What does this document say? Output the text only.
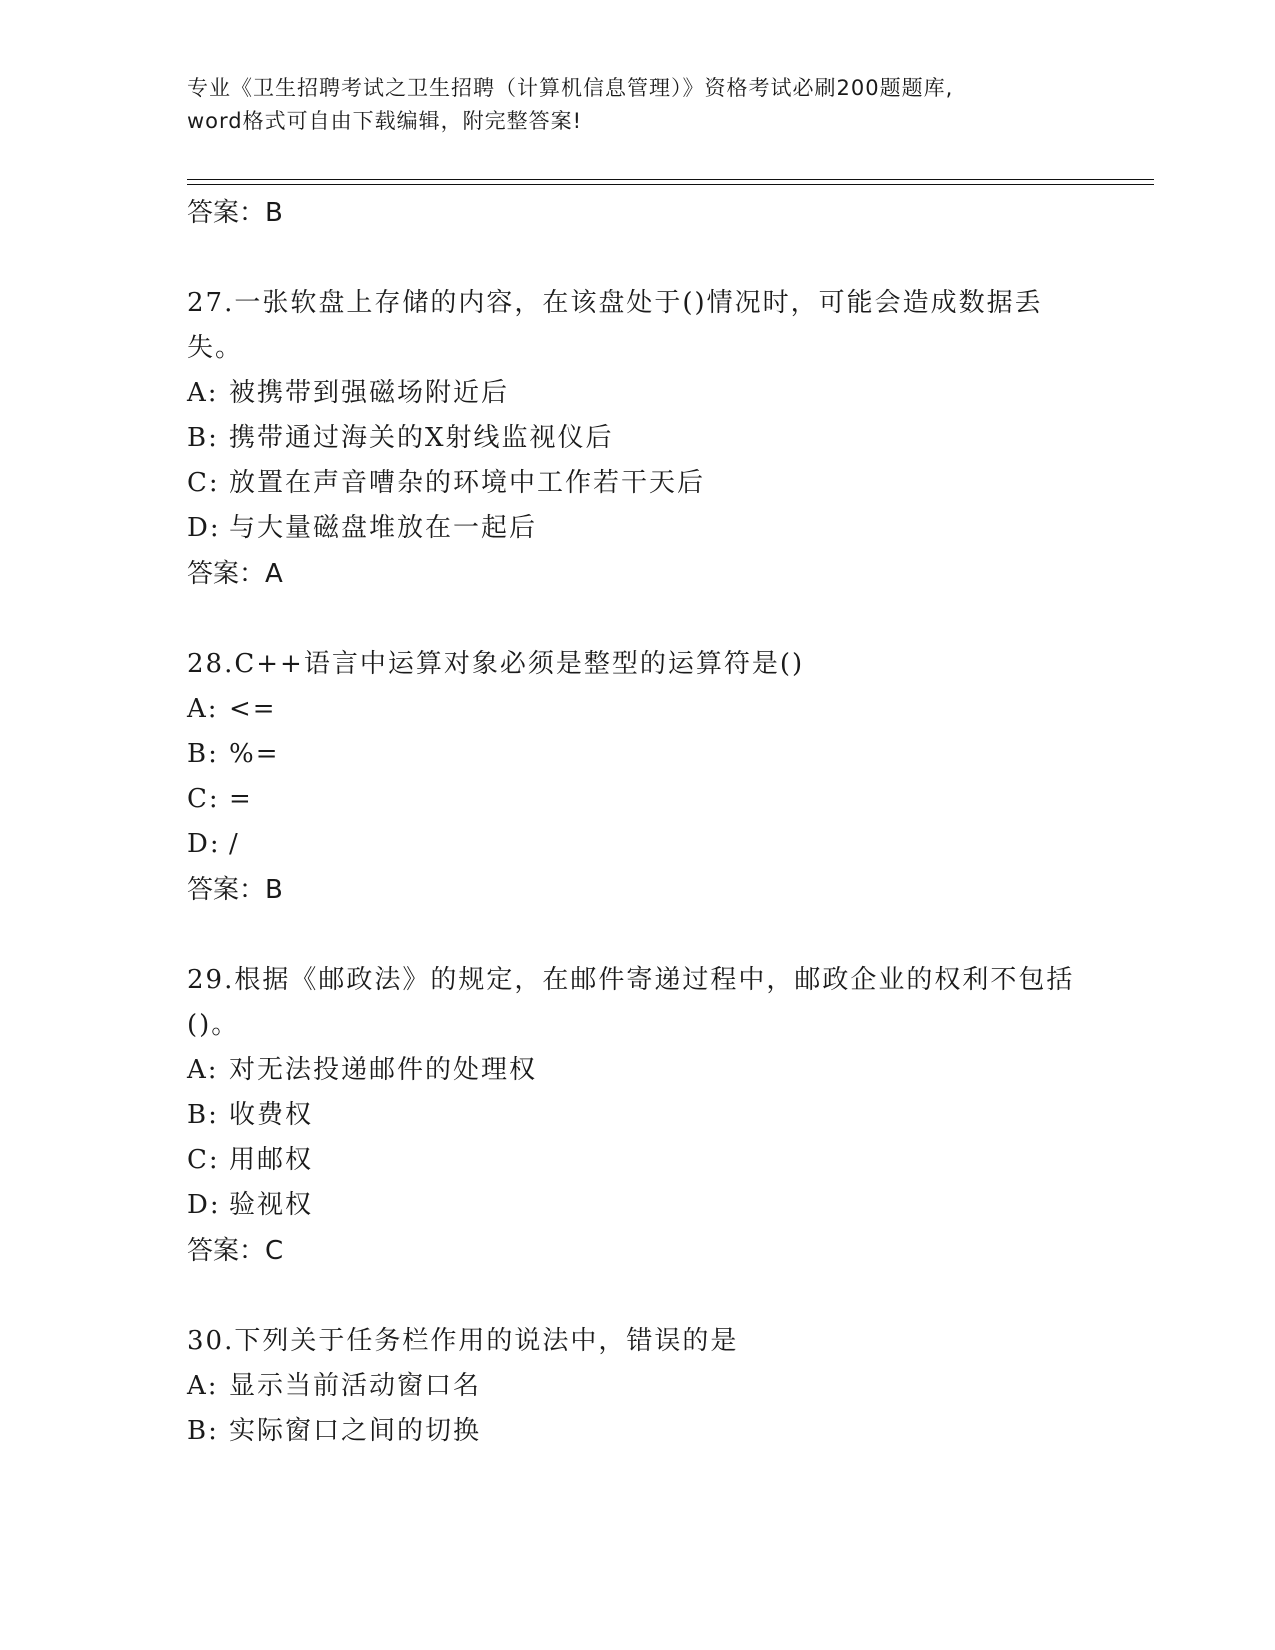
专业《卫生招聘考试之卫生招聘（计算机信息管理）》资格考试必刷200题题库,
word格式可自由下载编辑，附完整答案!
答案：B
27.一张软盘上存储的内容，在该盘处于()情况时，可能会造成数据丢失。
A: 被携带到强磁场附近后
B: 携带通过海关的X射线监视仪后
C: 放置在声音嘈杂的环境中工作若干天后
D: 与大量磁盘堆放在一起后
答案：A
28.C++语言中运算对象必须是整型的运算符是()
A: <=
B: %=
C: =
D: /
答案：B
29.根据《邮政法》的规定，在邮件寄递过程中，邮政企业的权利不包括()。
A: 对无法投递邮件的处理权
B: 收费权
C: 用邮权
D: 验视权
答案：C
30.下列关于任务栏作用的说法中，错误的是
A: 显示当前活动窗口名
B: 实际窗口之间的切换
